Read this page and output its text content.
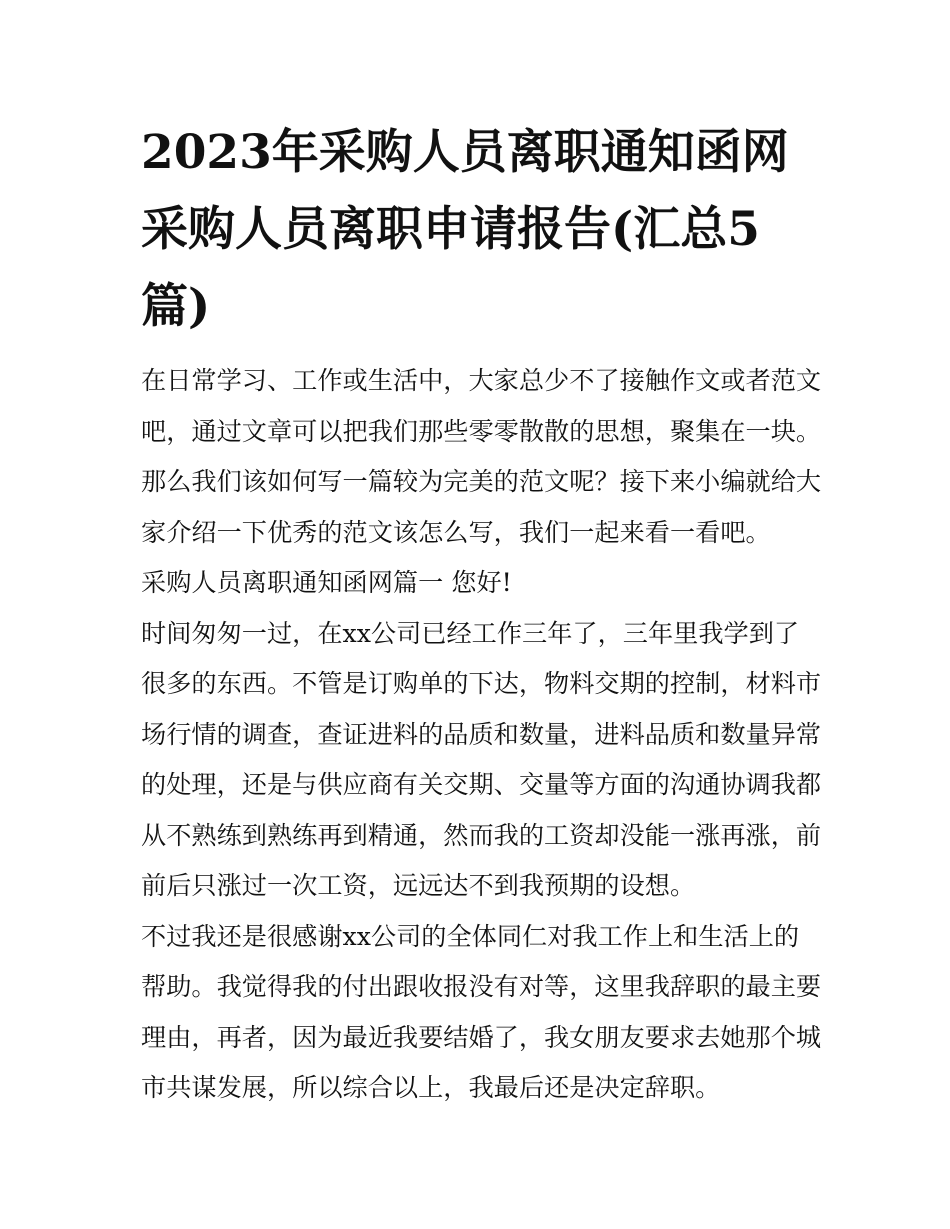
2023年采购人员离职通知函网
采购人员离职申请报告(汇总5
篇)

在日常学习、工作或生活中，大家总少不了接触作文或者范文
吧，通过文章可以把我们那些零零散散的思想，聚集在一块。
那么我们该如何写一篇较为完美的范文呢？接下来小编就给大
家介绍一下优秀的范文该怎么写，我们一起来看一看吧。

采购人员离职通知函网篇一 您好!

时间匆匆一过，在xx公司已经工作三年了，三年里我学到了
很多的东西。不管是订购单的下达，物料交期的控制，材料市
场行情的调查，查证进料的品质和数量，进料品质和数量异常
的处理，还是与供应商有关交期、交量等方面的沟通协调我都
从不熟练到熟练再到精通，然而我的工资却没能一涨再涨，前
前后只涨过一次工资，远远达不到我预期的设想。

不过我还是很感谢xx公司的全体同仁对我工作上和生活上的
帮助。我觉得我的付出跟收报没有对等，这里我辞职的最主要
理由，再者，因为最近我要结婚了，我女朋友要求去她那个城
市共谋发展，所以综合以上，我最后还是决定辞职。
